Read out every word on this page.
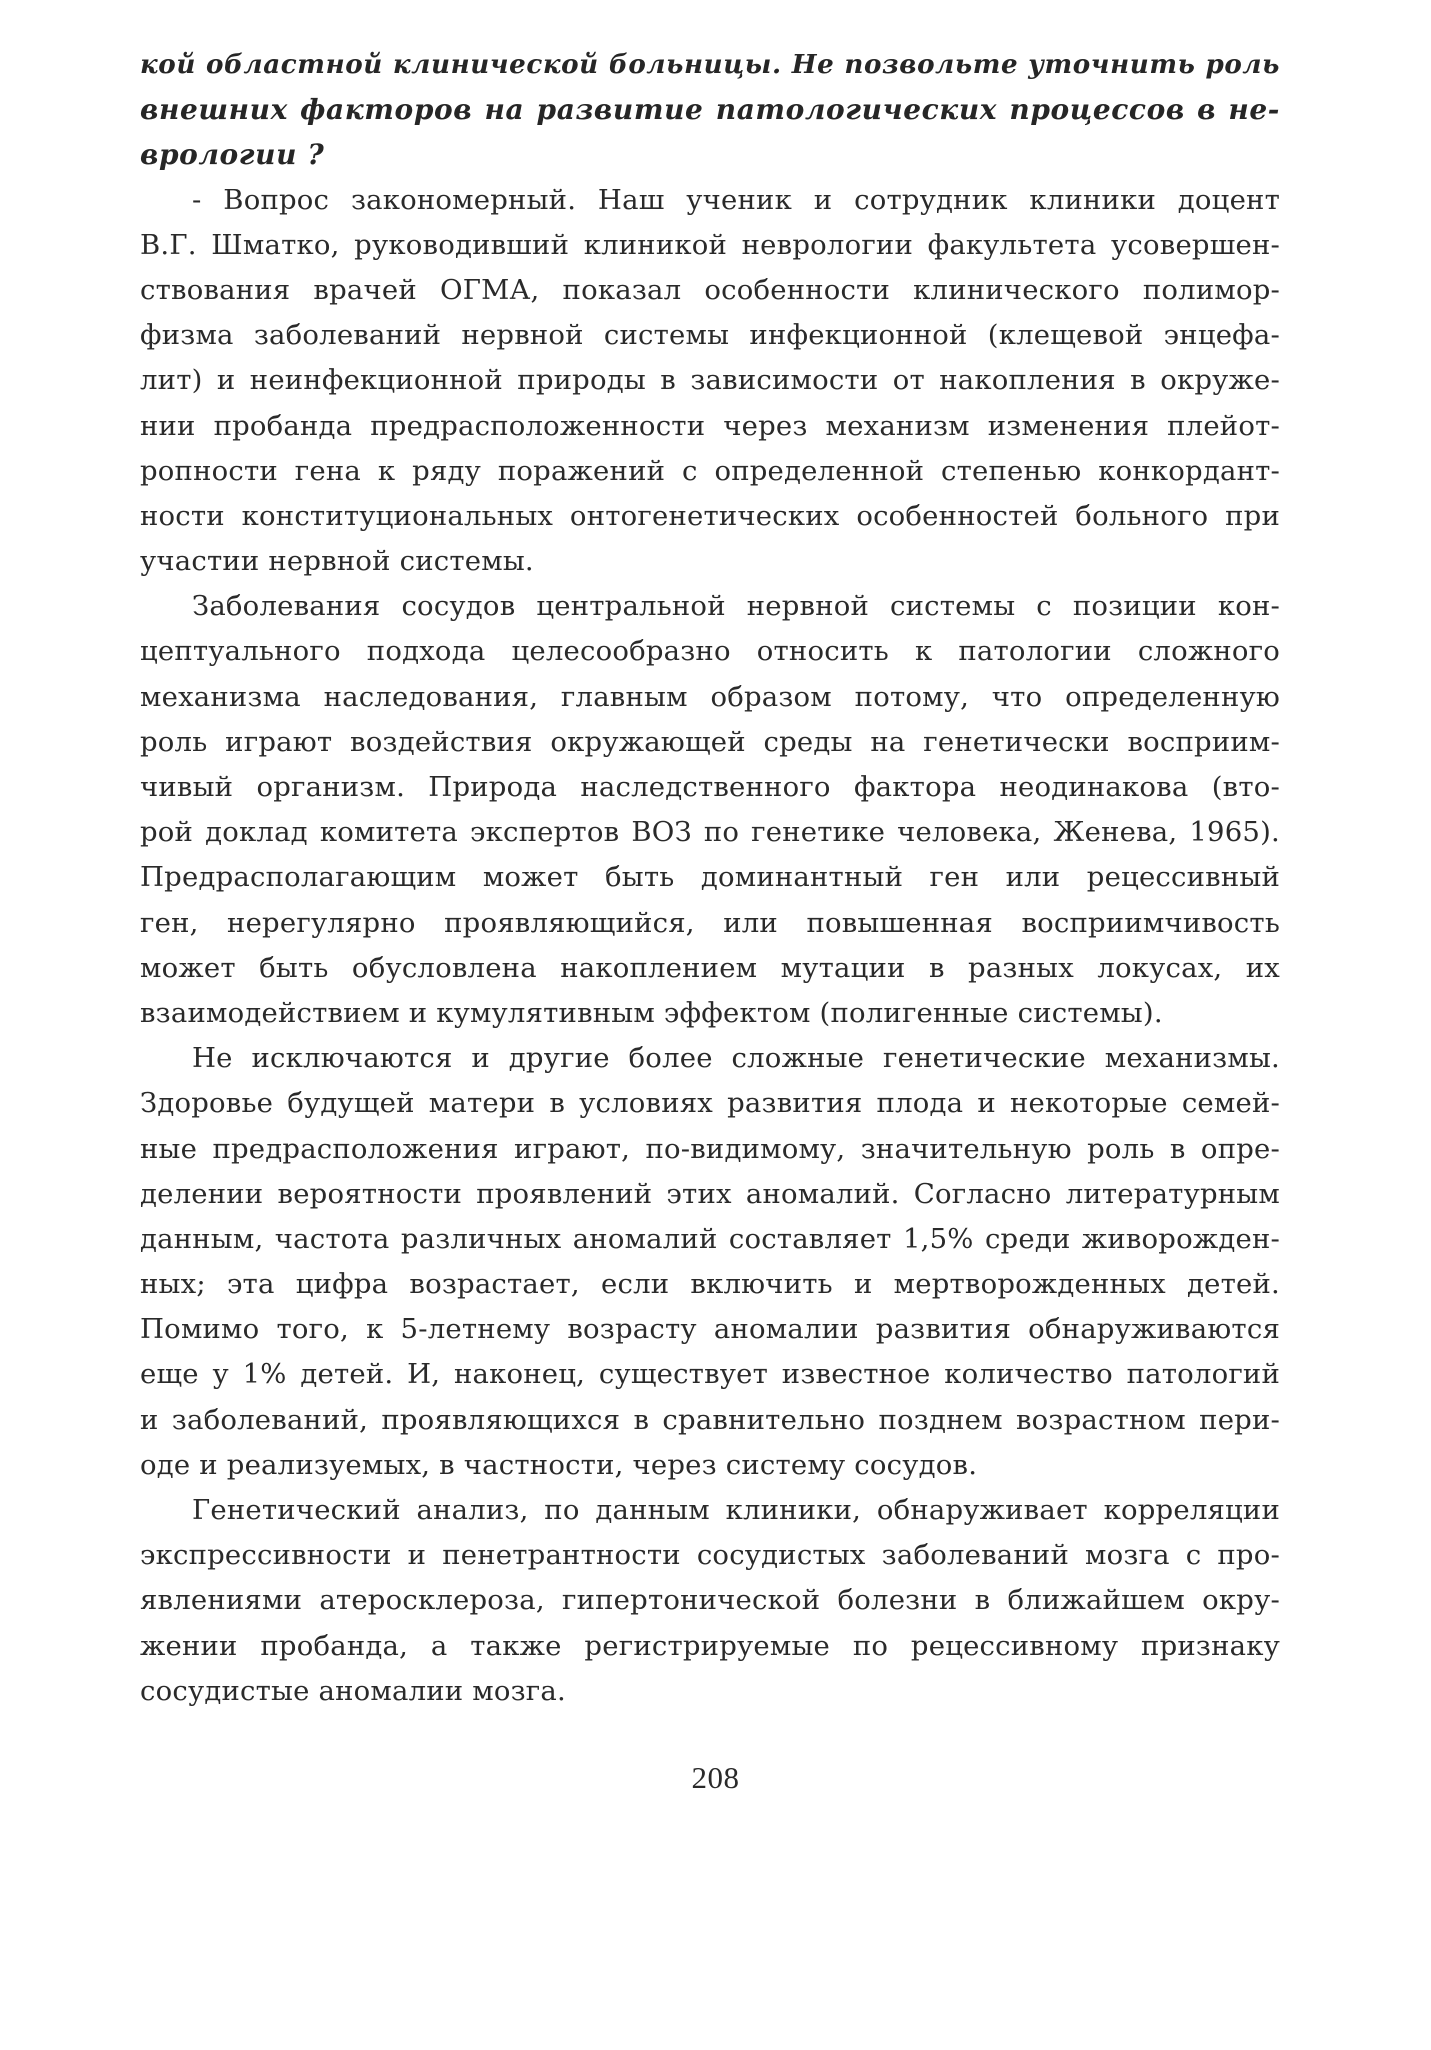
кой областной клинической больницы. Не позвольте уточнить роль
внешних факторов на развитие патологических процессов в не-
врологии ?
- Вопрос закономерный. Наш ученик и сотрудник клиники доцент
В.Г. Шматко, руководивший клиникой неврологии факультета усовершен-
ствования врачей ОГМА, показал особенности клинического полимор-
физма заболеваний нервной системы инфекционной (клещевой энцефа-
лит) и неинфекционной природы в зависимости от накопления в окруже-
нии пробанда предрасположенности через механизм изменения плейот-
ропности гена к ряду поражений с определенной степенью конкордант-
ности конституциональных онтогенетических особенностей больного при
участии нервной системы.
Заболевания сосудов центральной нервной системы с позиции кон-
цептуального подхода целесообразно относить к патологии сложного
механизма наследования, главным образом потому, что определенную
роль играют воздействия окружающей среды на генетически восприим-
чивый организм. Природа наследственного фактора неодинакова (вто-
рой доклад комитета экспертов ВОЗ по генетике человека, Женева, 1965).
Предрасполагающим может быть доминантный ген или рецессивный
ген, нерегулярно проявляющийся, или повышенная восприимчивость
может быть обусловлена накоплением мутации в разных локусах, их
взаимодействием и кумулятивным эффектом (полигенные системы).
Не исключаются и другие более сложные генетические механизмы.
Здоровье будущей матери в условиях развития плода и некоторые семей-
ные предрасположения играют, по-видимому, значительную роль в опре-
делении вероятности проявлений этих аномалий. Согласно литературным
данным, частота различных аномалий составляет 1,5% среди живорожден-
ных; эта цифра возрастает, если включить и мертворожденных детей.
Помимо того, к 5-летнему возрасту аномалии развития обнаруживаются
еще у 1% детей. И, наконец, существует известное количество патологий
и заболеваний, проявляющихся в сравнительно позднем возрастном пери-
оде и реализуемых, в частности, через систему сосудов.
Генетический анализ, по данным клиники, обнаруживает корреляции
экспрессивности и пенетрантности сосудистых заболеваний мозга с про-
явлениями атеросклероза, гипертонической болезни в ближайшем окру-
жении пробанда, а также регистрируемые по рецессивному признаку
сосудистые аномалии мозга.
208
